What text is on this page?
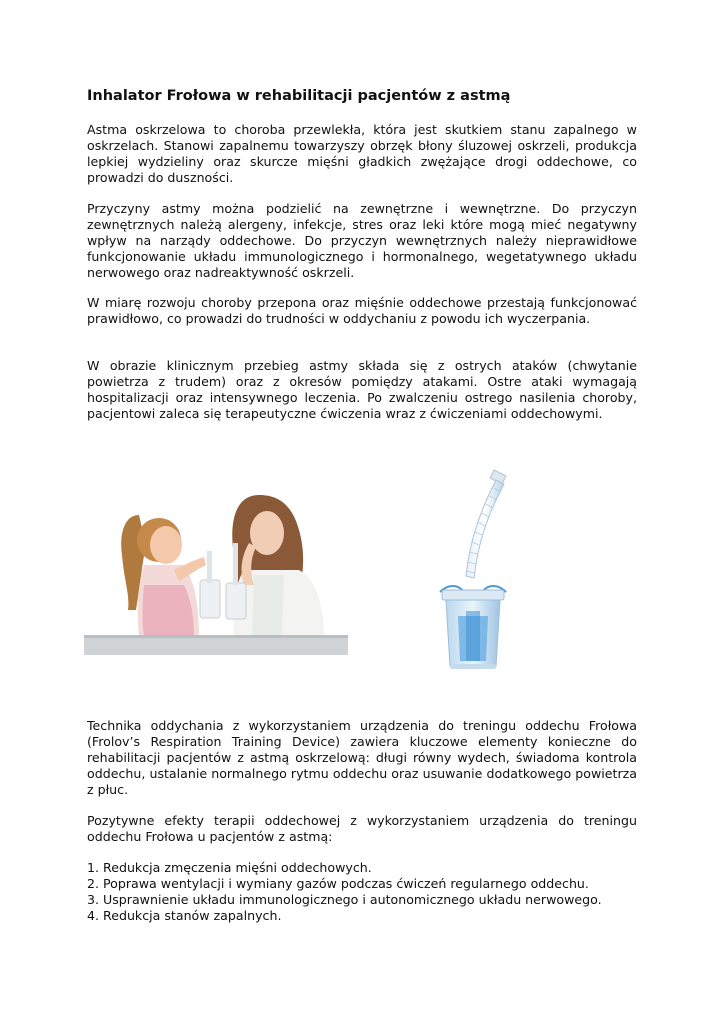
Inhalator Frołowa w rehabilitacji pacjentów z astmą

Astma oskrzelowa to choroba przewlekła, która jest skutkiem stanu zapalnego w oskrzelach. Stanowi zapalnemu towarzyszy obrzęk błony śluzowej oskrzeli, produkcja lepkiej wydzieliny oraz skurcze mięśni gładkich zwężające drogi oddechowe, co prowadzi do duszności.

Przyczyny astmy można podzielić na zewnętrzne i wewnętrzne. Do przyczyn zewnętrznych należą alergeny, infekcje, stres oraz leki które mogą mieć negatywny wpływ na narządy oddechowe. Do przyczyn wewnętrznych należy nieprawidłowe funkcjonowanie układu immunologicznego i hormonalnego, wegetatywnego układu nerwowego oraz nadreaktywność oskrzeli.

W miarę rozwoju choroby przepona oraz mięśnie oddechowe przestają funkcjonować prawidłowo, co prowadzi do trudności w oddychaniu z powodu ich wyczerpania.

W obrazie klinicznym przebieg astmy składa się z ostrych ataków (chwytanie powietrza z trudem) oraz z okresów pomiędzy atakami. Ostre ataki wymagają hospitalizacji oraz intensywnego leczenia. Po zwalczeniu ostrego nasilenia choroby, pacjentowi zaleca się terapeutyczne ćwiczenia wraz z ćwiczeniami oddechowymi.

Technika oddychania z wykorzystaniem urządzenia do treningu oddechu Frołowa (Frolov’s Respiration Training Device) zawiera kluczowe elementy konieczne do rehabilitacji pacjentów z astmą oskrzelową: długi równy wydech, świadoma kontrola oddechu, ustalanie normalnego rytmu oddechu oraz usuwanie dodatkowego powietrza z płuc.

Pozytywne efekty terapii oddechowej z wykorzystaniem urządzenia do treningu oddechu Frołowa u pacjentów z astmą:

1. Redukcja zmęczenia mięśni oddechowych.
2. Poprawa wentylacji i wymiany gazów podczas ćwiczeń regularnego oddechu.
3. Usprawnienie układu immunologicznego i autonomicznego układu nerwowego.
4. Redukcja stanów zapalnych.
